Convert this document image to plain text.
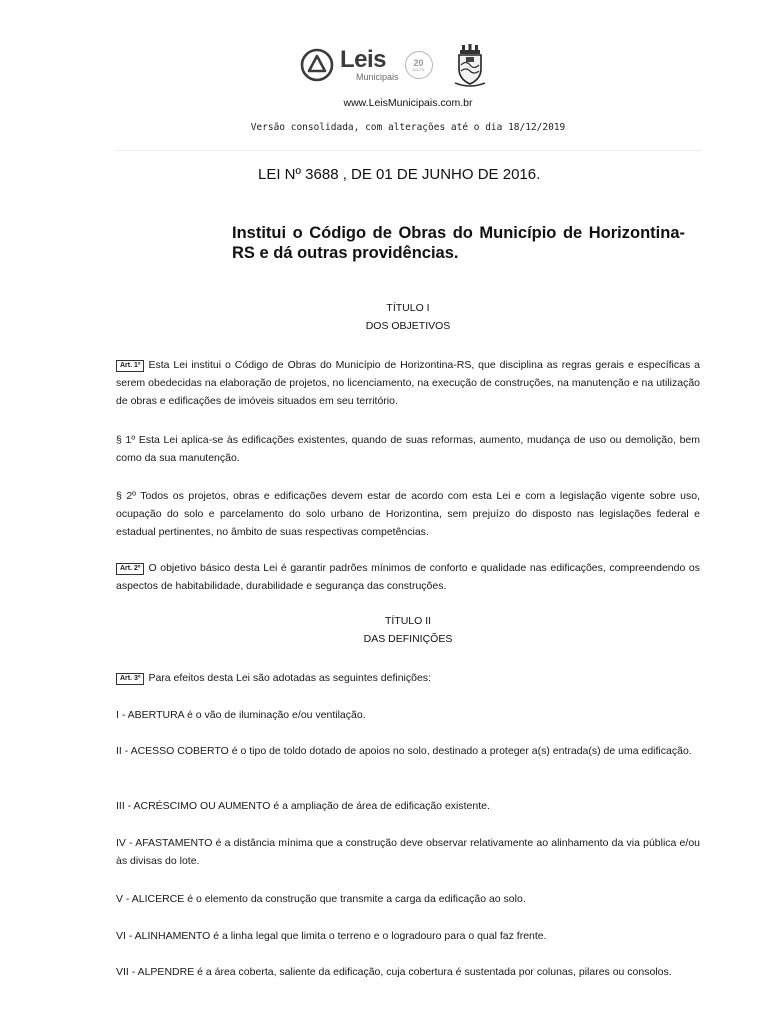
Leis
Municipais
20
ANOS
www.LeisMunicipais.com.br
Versão consolidada, com alterações até o dia 18/12/2019
LEI Nº 3688 , DE 01 DE JUNHO DE 2016.
Institui o Código de Obras do Município de Horizontina-RS e dá outras providências.
TÍTULO I
DOS OBJETIVOS

Art. 1º Esta Lei institui o Código de Obras do Município de Horizontina-RS, que disciplina as regras gerais e específicas a serem obedecidas na elaboração de projetos, no licenciamento, na execução de construções, na manutenção e na utilização de obras e edificações de imóveis situados em seu território.

§ 1º Esta Lei aplica-se às edificações existentes, quando de suas reformas, aumento, mudança de uso ou demolição, bem como da sua manutenção.

§ 2º Todos os projetos, obras e edificações devem estar de acordo com esta Lei e com a legislação vigente sobre uso, ocupação do solo e parcelamento do solo urbano de Horizontina, sem prejuízo do disposto nas legislações federal e estadual pertinentes, no âmbito de suas respectivas competências.

Art. 2º O objetivo básico desta Lei é garantir padrões mínimos de conforto e qualidade nas edificações, compreendendo os aspectos de habitabilidade, durabilidade e segurança das construções.

TÍTULO II
DAS DEFINIÇÕES

Art. 3º Para efeitos desta Lei são adotadas as seguintes definições:

I - ABERTURA é o vão de iluminação e/ou ventilação.

II - ACESSO COBERTO é o tipo de toldo dotado de apoios no solo, destinado a proteger a(s) entrada(s) de uma edificação.

III - ACRÉSCIMO OU AUMENTO é a ampliação de área de edificação existente.

IV - AFASTAMENTO é a distância mínima que a construção deve observar relativamente ao alinhamento da via pública e/ou às divisas do lote.

V - ALICERCE é o elemento da construção que transmite a carga da edificação ao solo.

VI - ALINHAMENTO é a linha legal que limita o terreno e o logradouro para o qual faz frente.

VII - ALPENDRE é a área coberta, saliente da edificação, cuja cobertura é sustentada por colunas, pilares ou consolos.
